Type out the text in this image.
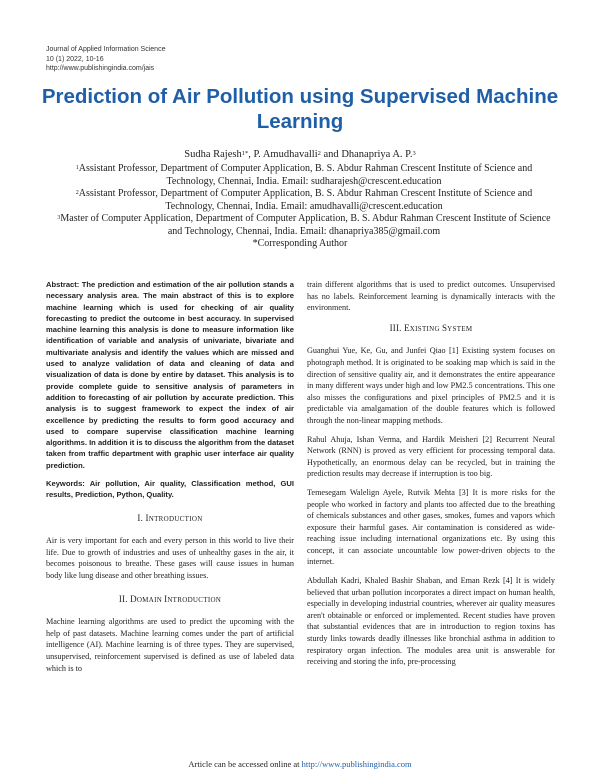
Journal of Applied Information Science
10 (1) 2022, 10-16
http://www.publishingindia.com/jais
Prediction of Air Pollution using Supervised Machine Learning
Sudha Rajesh$^{1*}$, P. Amudhavalli$^2$ and Dhanapriya A. P.$^3$
$^1$Assistant Professor, Department of Computer Application, B. S. Abdur Rahman Crescent Institute of Science and Technology, Chennai, India. Email: sudharajesh@crescent.education
$^2$Assistant Professor, Department of Computer Application, B. S. Abdur Rahman Crescent Institute of Science and Technology, Chennai, India. Email: amudhavalli@crescent.education
$^3$Master of Computer Application, Department of Computer Application, B. S. Abdur Rahman Crescent Institute of Science and Technology, Chennai, India. Email: dhanapriya385@gmail.com
*Corresponding Author

Abstract: The prediction and estimation of the air pollution stands a necessary analysis area. The main abstract of this is to explore machine learning which is used for checking of air quality forecasting to predict the outcome in best accuracy. In supervised machine learning this analysis is done to measure information like identification of variable and analysis of univariate, bivariate and multivariate analysis and identify the values which are missed and used to analyze validation of data and cleaning of data and visualization of data is done by entire by dataset. This analysis is to provide complete guide to sensitive analysis of parameters in addition to forecasting of air pollution by accurate prediction. This analysis is to suggest framework to expect the index of air excellence by predicting the results to form good accuracy and used to compare supervise classification machine learning algorithms. In addition it is to discuss the algorithm from the dataset taken from traffic department with graphic user interface air quality prediction.

Keywords: Air pollution, Air quality, Classification method, GUI results, Prediction, Python, Quality.

I. INTRODUCTION

Air is very important for each and every person in this world to live their life. Due to growth of industries and uses of unhealthy gases in the air, it becomes poisonous to breathe. These gases will cause issues in human body like lung disease and other breathing issues.

II. DOMAIN INTRODUCTION

Machine learning algorithms are used to predict the upcoming with the help of past datasets. Machine learning comes under the part of artificial intelligence (AI). Machine learning is of three types. They are supervised, unsupervised, reinforcement supervised is defined as use of labeled data which is to

train different algorithms that is used to predict outcomes. Unsupervised has no labels. Reinforcement learning is dynamically interacts with the environment.

III. EXISTING SYSTEM

Guanghui Yue, Ke, Gu, and Junfei Qiao [1] Existing system focuses on photograph method. It is originated to be soaking map which is said in the direction of sensitive quality air, and it demonstrates the entire appearance in many different ways under high and low PM2.5 concentrations. This one also misses the configurations and pixel principles of PM2.5 and it is predictable via amalgamation of the double features which is followed through the non-linear mapping methods.

Rahul Ahuja, Ishan Verma, and Hardik Meisheri [2] Recurrent Neural Network (RNN) is proved as very efficient for processing temporal data. Hypothetically, an enormous delay can be recycled, but in training the prediction results may decrease if interruption is too big.

Temesegam Walelign Ayele, Rutvik Mehta [3] It is more risks for the people who worked in factory and plants too affected due to the breathing of chemicals substances and other gases, smokes, fumes and vapors which exposure their harmful gases. Air contamination is considered as wide-reaching issue including international organizations etc. By using this concept, it can associate uncountable low power-driven objects to the internet.

Abdullah Kadri, Khaled Bashir Shaban, and Eman Rezk [4] It is widely believed that urban pollution incorporates a direct impact on human health, especially in developing industrial countries, wherever air quality measures aren't obtainable or enforced or implemented. Recent studies have proven that substantial evidences that are in introduction to region toxins has sturdy links towards deadly illnesses like bronchial asthma in addition to respiratory organ infection. The modules area unit is answerable for receiving and storing the info, pre-processing

Article can be accessed online at http://www.publishingindia.com
